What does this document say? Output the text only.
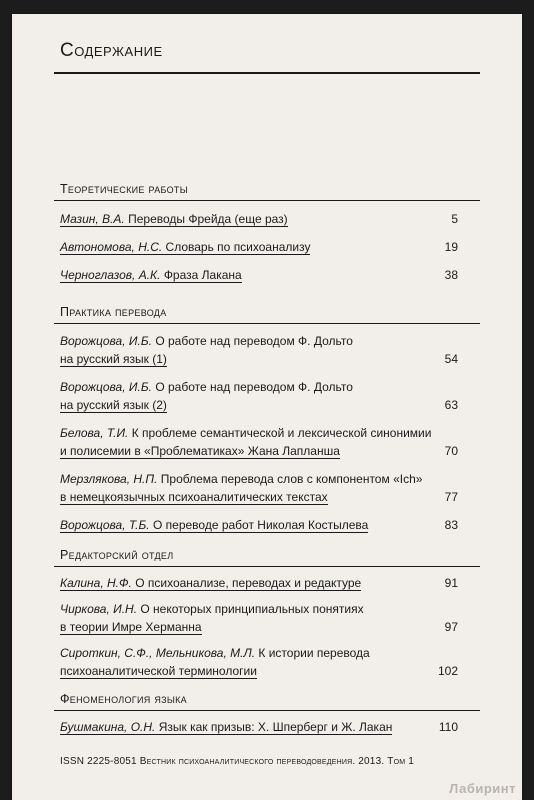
Содержание
Теоретические работы
Мазин, В.А. Переводы Фрейда (еще раз)	5
Автономова, Н.С. Словарь по психоанализу	19
Черноглазов, А.К. Фраза Лакана	38
Практика перевода
Ворожцова, И.Б. О работе над переводом Ф. Дольто
на русский язык (1)	54
Ворожцова, И.Б. О работе над переводом Ф. Дольто
на русский язык (2)	63
Белова, Т.И. К проблеме семантической и лексической синонимии
и полисемии в «Проблематиках» Жана Лапланша	70
Мерзлякова, Н.П. Проблема перевода слов с компонентом «Ich»
в немецкоязычных психоаналитических текстах	77
Ворожцова, Т.Б. О переводе работ Николая Костылева	83
Редакторский отдел
Калина, Н.Ф. О психоанализе, переводах и редактуре	91
Чиркова, И.Н. О некоторых принципиальных понятиях
в теории Имре Херманна	97
Сироткин, С.Ф., Мельникова, М.Л. К истории перевода
психоаналитической терминологии	102
Феноменология языка
Бушмакина, О.Н. Язык как призыв: Х. Шперберг и Ж. Лакан	110
ISSN 2225-8051 Вестник психоаналитического переводоведения. 2013. Том 1
Лабиринт
